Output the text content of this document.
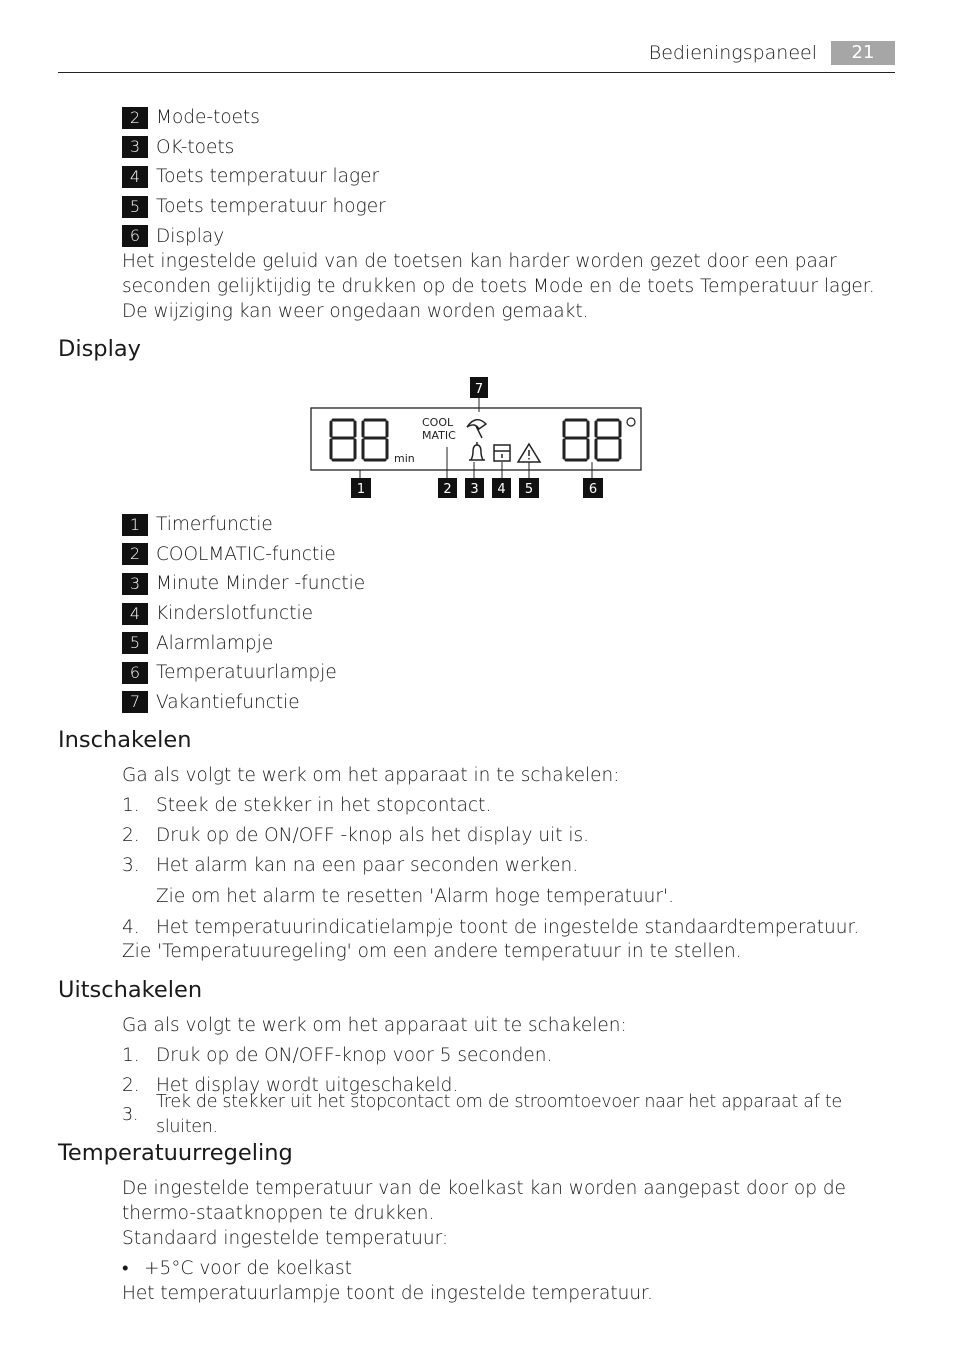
Bedieningspaneel	21
2 Mode-toets
3 OK-toets
4 Toets temperatuur lager
5 Toets temperatuur hoger
6 Display
Het ingestelde geluid van de toetsen kan harder worden gezet door een paar seconden gelijktijdig te drukken op de toets Mode en de toets Temperatuur lager. De wijziging kan weer ongedaan worden gemaakt.
Display
min
COOL
MATIC
7
1	2 3 4 5	6
1 Timerfunctie
2 COOLMATIC-functie
3 Minute Minder -functie
4 Kinderslotfunctie
5 Alarmlampje
6 Temperatuurlampje
7 Vakantiefunctie
Inschakelen
Ga als volgt te werk om het apparaat in te schakelen:
1. Steek de stekker in het stopcontact.
2. Druk op de ON/OFF -knop als het display uit is.
3. Het alarm kan na een paar seconden werken.
Zie om het alarm te resetten 'Alarm hoge temperatuur'.
4. Het temperatuurindicatielampje toont de ingestelde standaardtemperatuur.
Zie 'Temperatuuregeling' om een andere temperatuur in te stellen.
Uitschakelen
Ga als volgt te werk om het apparaat uit te schakelen:
1. Druk op de ON/OFF-knop voor 5 seconden.
2. Het display wordt uitgeschakeld.
3.
Trek de stekker uit het stopcontact om de stroomtoevoer naar het apparaat af te sluiten.
Temperatuurregeling
De ingestelde temperatuur van de koelkast kan worden aangepast door op de thermo-staatknoppen te drukken.
Standaard ingestelde temperatuur:
• +5°C voor de koelkast
Het temperatuurlampje toont de ingestelde temperatuur.
